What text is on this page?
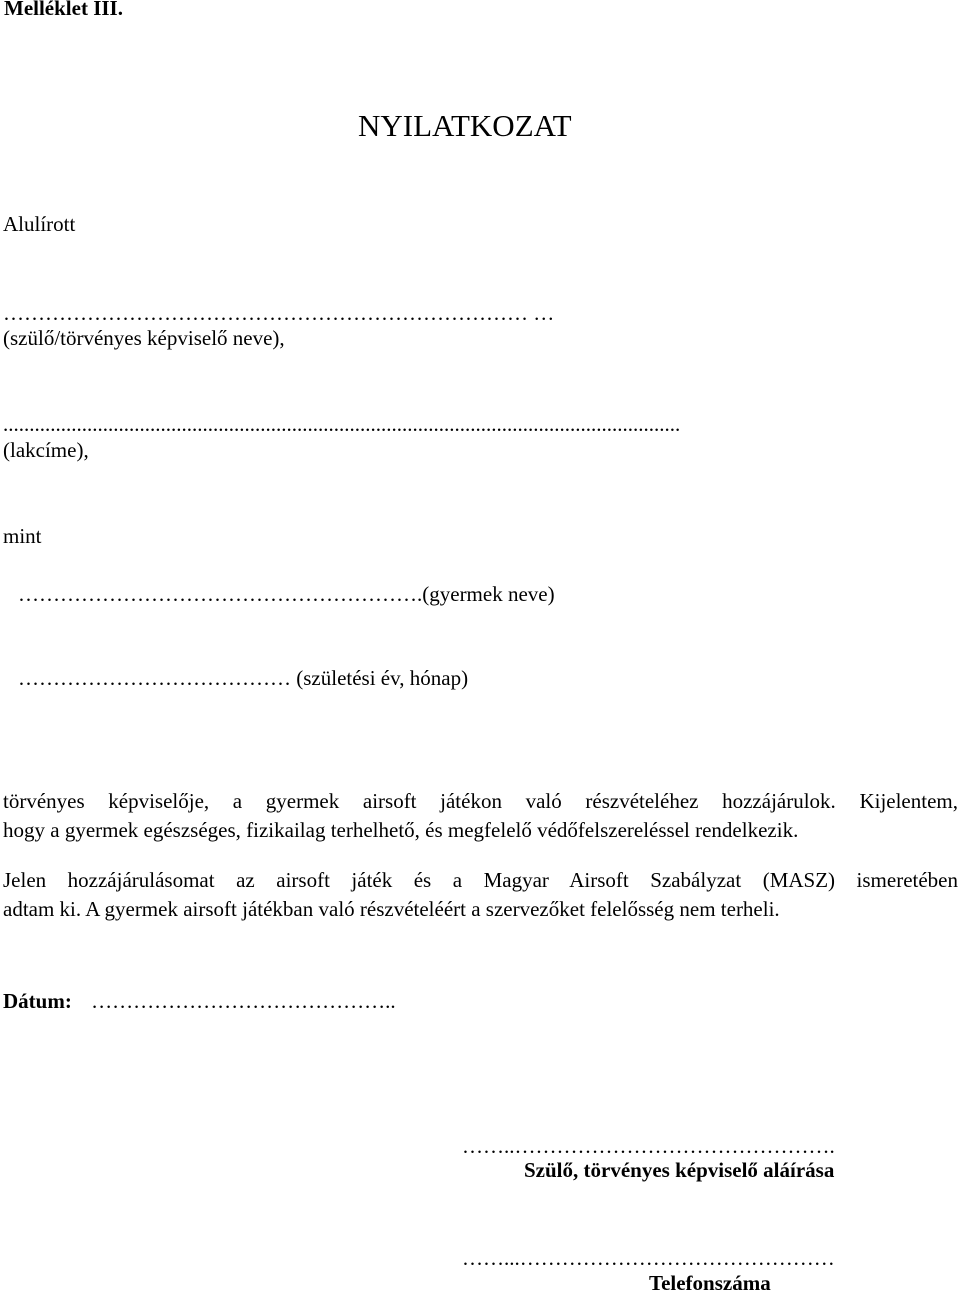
Melléklet III.
NYILATKOZAT
Alulírott
………………………………………………………………… …
(szülő/törvényes képviselő neve),
.................................................................................................................................
(lakcíme),
mint
………………………………………………….(gyermek neve)
………………………………… (születési év, hónap)
törvényes képviselője, a gyermek airsoft játékon való részvételéhez hozzájárulok. Kijelentem,
hogy a gyermek egészséges, fizikailag terhelhető, és megfelelő védőfelszereléssel rendelkezik.
Jelen hozzájárulásomat az airsoft játék és a Magyar Airsoft Szabályzat (MASZ) ismeretében
adtam ki. A gyermek airsoft játékban való részvételéért a szervezőket felelősség nem terheli.
Dátum: ……………………………………..
……..……………………………………….
Szülő, törvényes képviselő aláírása
……...………………………………………
Telefonszáma
